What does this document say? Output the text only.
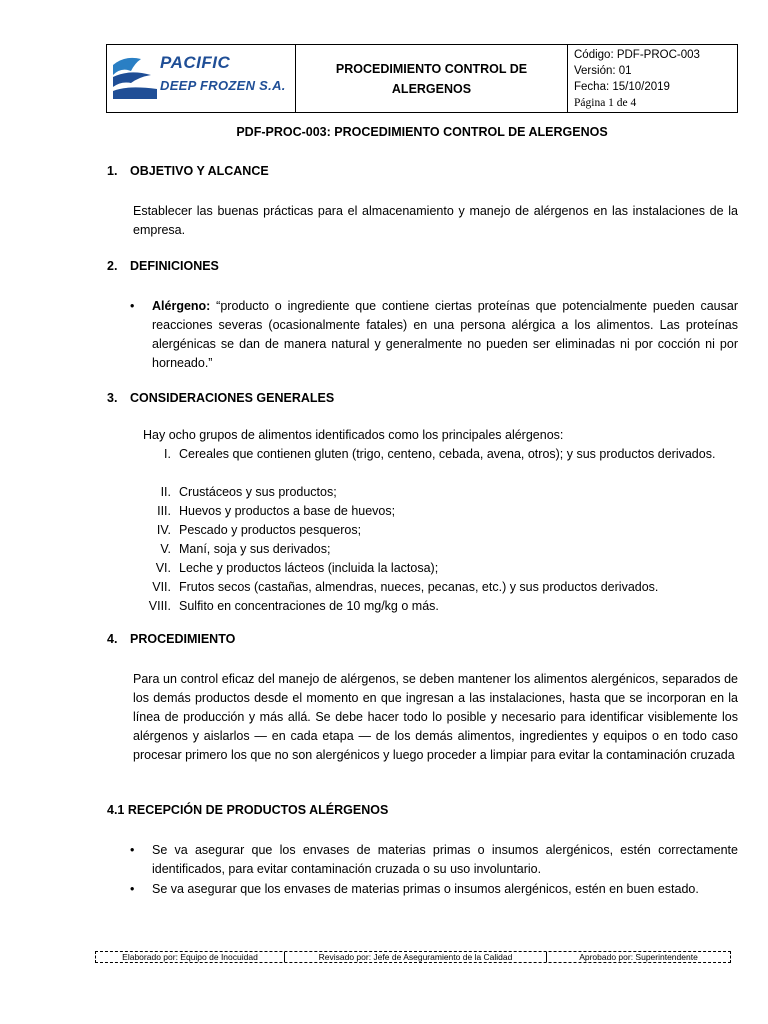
PACIFIC
DEEP FROZEN S.A.
PROCEDIMIENTO CONTROL DE ALERGENOS
Código: PDF-PROC-003
Versión: 01
Fecha: 15/10/2019
Página 1 de 4
PDF-PROC-003: PROCEDIMIENTO CONTROL DE ALERGENOS
1. OBJETIVO Y ALCANCE
Establecer las buenas prácticas para el almacenamiento y manejo de alérgenos en las instalaciones de la empresa.
2. DEFINICIONES
• Alérgeno: “producto o ingrediente que contiene ciertas proteínas que potencialmente pueden causar reacciones severas (ocasionalmente fatales) en una persona alérgica a los alimentos. Las proteínas alergénicas se dan de manera natural y generalmente no pueden ser eliminadas ni por cocción ni por horneado.”
3. CONSIDERACIONES GENERALES
Hay ocho grupos de alimentos identificados como los principales alérgenos:
I. Cereales que contienen gluten (trigo, centeno, cebada, avena, otros); y sus productos derivados.
II. Crustáceos y sus productos;
III. Huevos y productos a base de huevos;
IV. Pescado y productos pesqueros;
V. Maní, soja y sus derivados;
VI. Leche y productos lácteos (incluida la lactosa);
VII. Frutos secos (castañas, almendras, nueces, pecanas, etc.) y sus productos derivados.
VIII. Sulfito en concentraciones de 10 mg/kg o más.
4. PROCEDIMIENTO
Para un control eficaz del manejo de alérgenos, se deben mantener los alimentos alergénicos, separados de los demás productos desde el momento en que ingresan a las instalaciones, hasta que se incorporan en la línea de producción y más allá. Se debe hacer todo lo posible y necesario para identificar visiblemente los alérgenos y aislarlos — en cada etapa — de los demás alimentos, ingredientes y equipos o en todo caso procesar primero los que no son alergénicos y luego proceder a limpiar para evitar la contaminación cruzada
4.1 RECEPCIÓN DE PRODUCTOS ALÉRGENOS
• Se va asegurar que los envases de materias primas o insumos alergénicos, estén correctamente identificados, para evitar contaminación cruzada o su uso involuntario.
• Se va asegurar que los envases de materias primas o insumos alergénicos, estén en buen estado.
Elaborado por: Equipo de Inocuidad	Revisado por: Jefe de Aseguramiento de la Calidad	Aprobado por: Superintendente
